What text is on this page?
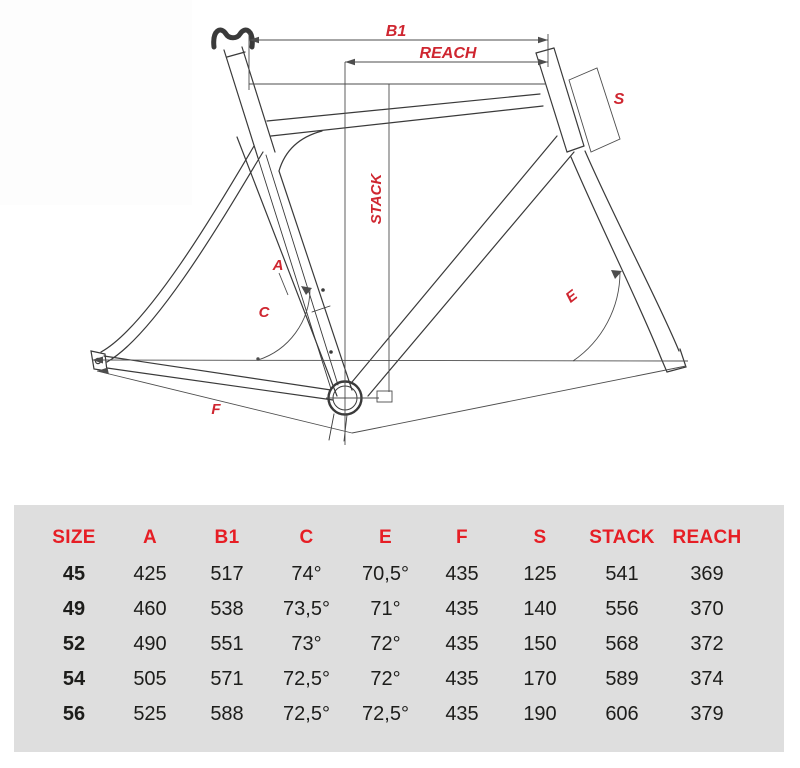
B1
REACH
S
STACK
A
C
E
F
SIZE	A	B1	C	E	F	S	STACK	REACH
45	425	517	74°	70,5°	435	125	541	369
49	460	538	73,5°	71°	435	140	556	370
52	490	551	73°	72°	435	150	568	372
54	505	571	72,5°	72°	435	170	589	374
56	525	588	72,5°	72,5°	435	190	606	379
